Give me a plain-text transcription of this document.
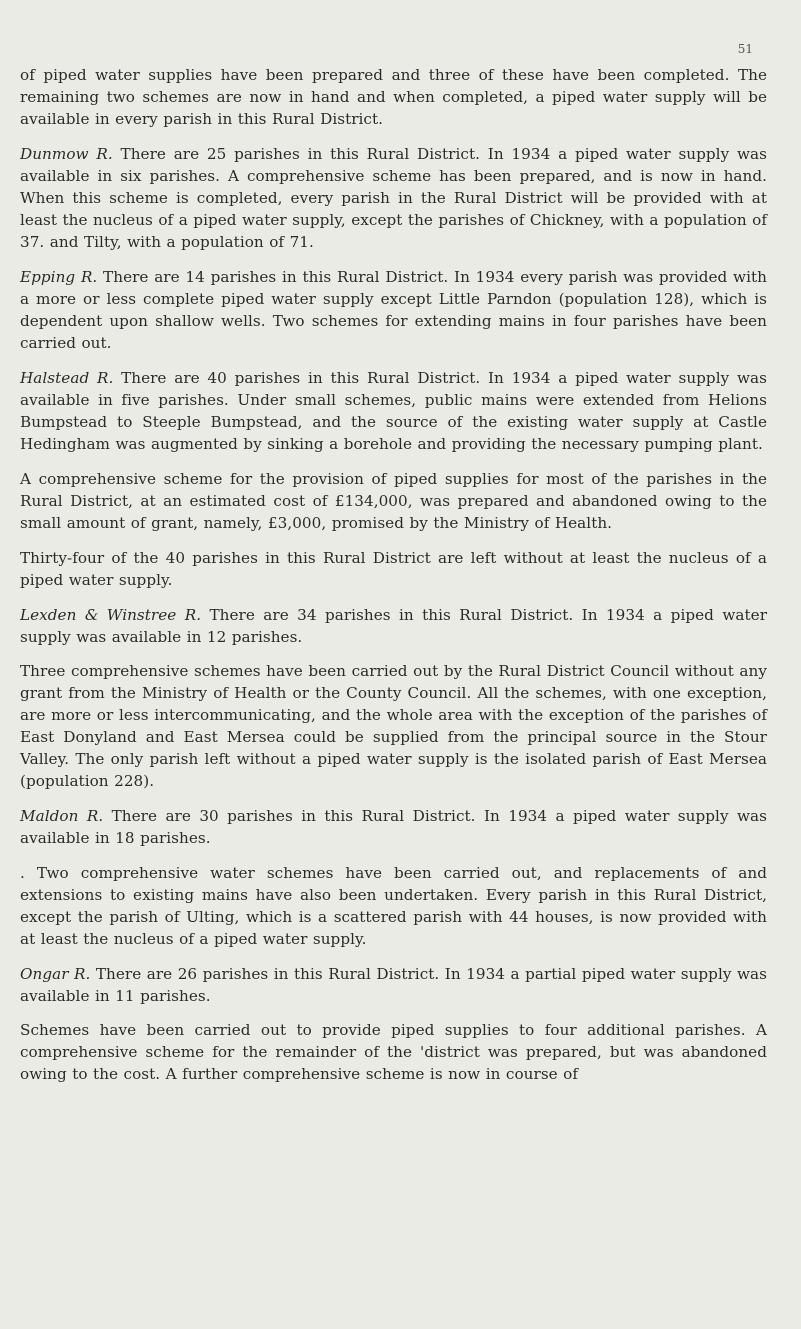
51

of piped water supplies have been prepared and three of these have been completed. The remaining two schemes are now in hand and when completed, a piped water supply will be available in every parish in this Rural District.

Dunmow R. There are 25 parishes in this Rural District. In 1934 a piped water supply was available in six parishes. A comprehensive scheme has been prepared, and is now in hand. When this scheme is completed, every parish in the Rural District will be provided with at least the nucleus of a piped water supply, except the parishes of Chickney, with a population of 37. and Tilty, with a population of 71.

Epping R. There are 14 parishes in this Rural District. In 1934 every parish was provided with a more or less complete piped water supply except Little Parndon (population 128), which is dependent upon shallow wells. Two schemes for extending mains in four parishes have been carried out.

Halstead R. There are 40 parishes in this Rural District. In 1934 a piped water supply was available in five parishes. Under small schemes, public mains were extended from Helions Bumpstead to Steeple Bumpstead, and the source of the existing water supply at Castle Hedingham was augmented by sinking a borehole and providing the necessary pumping plant.

A comprehensive scheme for the provision of piped supplies for most of the parishes in the Rural District, at an estimated cost of £134,000, was prepared and abandoned owing to the small amount of grant, namely, £3,000, promised by the Ministry of Health.

Thirty-four of the 40 parishes in this Rural District are left without at least the nucleus of a piped water supply.

Lexden & Winstree R. There are 34 parishes in this Rural District. In 1934 a piped water supply was available in 12 parishes.

Three comprehensive schemes have been carried out by the Rural District Council without any grant from the Ministry of Health or the County Council. All the schemes, with one exception, are more or less intercommunicating, and the whole area with the exception of the parishes of East Donyland and East Mersea could be supplied from the principal source in the Stour Valley. The only parish left without a piped water supply is the isolated parish of East Mersea (population 228).

Maldon R. There are 30 parishes in this Rural District. In 1934 a piped water supply was available in 18 parishes.

. Two comprehensive water schemes have been carried out, and replacements of and extensions to existing mains have also been undertaken. Every parish in this Rural District, except the parish of Ulting, which is a scattered parish with 44 houses, is now provided with at least the nucleus of a piped water supply.

Ongar R. There are 26 parishes in this Rural District. In 1934 a partial piped water supply was available in 11 parishes.

Schemes have been carried out to provide piped supplies to four additional parishes. A comprehensive scheme for the remainder of the 'district was prepared, but was abandoned owing to the cost. A further comprehensive scheme is now in course of
